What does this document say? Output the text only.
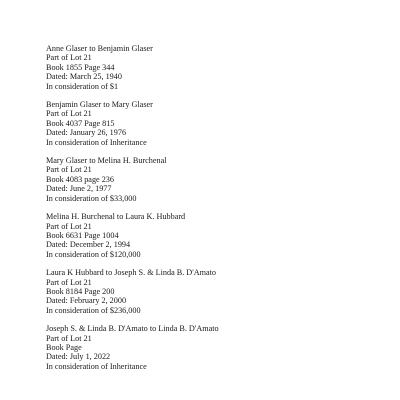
Anne Glaser to Benjamin Glaser
Part of Lot 21
Book 1855 Page 344
Dated: March 25, 1940
In consideration of $1
Benjamin Glaser to Mary Glaser
Part of Lot 21
Book 4037 Page 815
Dated: January 26, 1976
In consideration of Inheritance
Mary Glaser to Melina H. Burchenal
Part of Lot 21
Book 4083 page 236
Dated: June 2, 1977
In consideration of $33,000
Melina H. Burchenal to Laura K. Hubbard
Part of Lot 21
Book 6631 Page 1004
Dated: December 2, 1994
In consideration of $120,000
Laura K Hubbard to Joseph S. & Linda B. D'Amato
Part of Lot 21
Book 8184 Page 200
Dated: February 2, 2000
In consideration of $236,000
Joseph S. & Linda B. D'Amato to Linda B. D'Amato
Part of Lot 21
Book Page
Dated: July 1, 2022
In consideration of Inheritance
